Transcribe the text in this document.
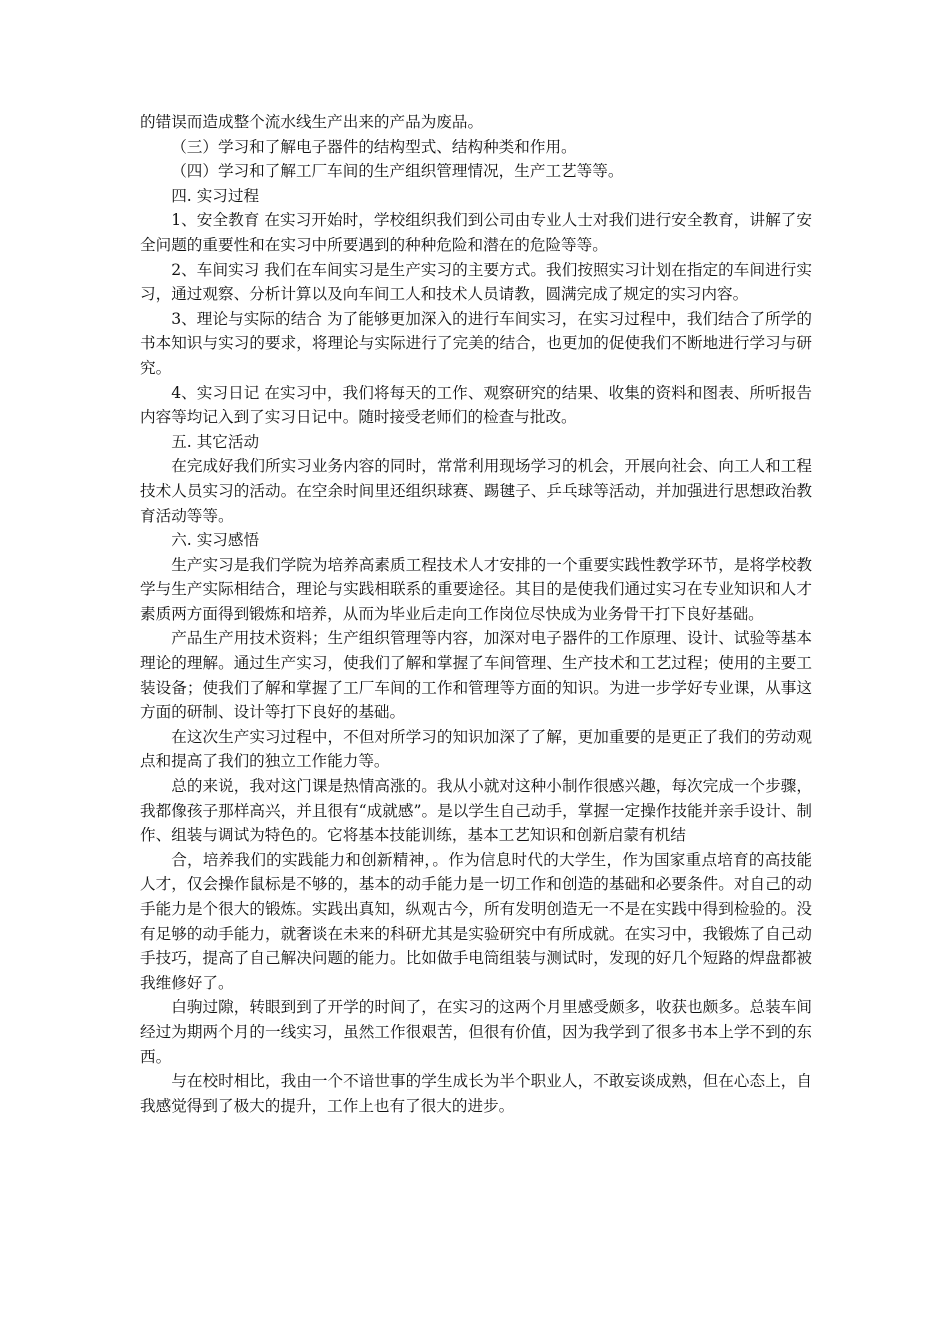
的错误而造成整个流水线生产出来的产品为废品。

（三）学习和了解电子器件的结构型式、结构种类和作用。

（四）学习和了解工厂车间的生产组织管理情况，生产工艺等等。

四. 实习过程

1、安全教育 在实习开始时，学校组织我们到公司由专业人士对我们进行安全教育，讲解了安全问题的重要性和在实习中所要遇到的种种危险和潜在的危险等等。

2、车间实习 我们在车间实习是生产实习的主要方式。我们按照实习计划在指定的车间进行实习，通过观察、分析计算以及向车间工人和技术人员请教，圆满完成了规定的实习内容。

3、理论与实际的结合 为了能够更加深入的进行车间实习，在实习过程中，我们结合了所学的书本知识与实习的要求，将理论与实际进行了完美的结合，也更加的促使我们不断地进行学习与研究。

4、实习日记 在实习中，我们将每天的工作、观察研究的结果、收集的资料和图表、所听报告内容等均记入到了实习日记中。随时接受老师们的检查与批改。

五. 其它活动

在完成好我们所实习业务内容的同时，常常利用现场学习的机会，开展向社会、向工人和工程技术人员实习的活动。在空余时间里还组织球赛、踢毽子、乒乓球等活动，并加强进行思想政治教育活动等等。

六. 实习感悟

生产实习是我们学院为培养高素质工程技术人才安排的一个重要实践性教学环节，是将学校教学与生产实际相结合，理论与实践相联系的重要途径。其目的是使我们通过实习在专业知识和人才素质两方面得到锻炼和培养，从而为毕业后走向工作岗位尽快成为业务骨干打下良好基础。

产品生产用技术资料；生产组织管理等内容，加深对电子器件的工作原理、设计、试验等基本理论的理解。通过生产实习，使我们了解和掌握了车间管理、生产技术和工艺过程；使用的主要工装设备；使我们了解和掌握了工厂车间的工作和管理等方面的知识。为进一步学好专业课，从事这方面的研制、设计等打下良好的基础。

在这次生产实习过程中，不但对所学习的知识加深了了解，更加重要的是更正了我们的劳动观点和提高了我们的独立工作能力等。

总的来说，我对这门课是热情高涨的。我从小就对这种小制作很感兴趣，每次完成一个步骤，我都像孩子那样高兴，并且很有“成就感”。是以学生自己动手，掌握一定操作技能并亲手设计、制作、组装与调试为特色的。它将基本技能训练，基本工艺知识和创新启蒙有机结

合，培养我们的实践能力和创新精神，。作为信息时代的大学生，作为国家重点培育的高技能人才，仅会操作鼠标是不够的，基本的动手能力是一切工作和创造的基础和必要条件。对自己的动手能力是个很大的锻炼。实践出真知，纵观古今，所有发明创造无一不是在实践中得到检验的。没有足够的动手能力，就奢谈在未来的科研尤其是实验研究中有所成就。在实习中，我锻炼了自己动手技巧，提高了自己解决问题的能力。比如做手电筒组装与测试时，发现的好几个短路的焊盘都被我维修好了。

白驹过隙，转眼到到了开学的时间了，在实习的这两个月里感受颇多，收获也颇多。总装车间经过为期两个月的一线实习，虽然工作很艰苦，但很有价值，因为我学到了很多书本上学不到的东西。

与在校时相比，我由一个不谙世事的学生成长为半个职业人，不敢妄谈成熟，但在心态上，自我感觉得到了极大的提升，工作上也有了很大的进步。
